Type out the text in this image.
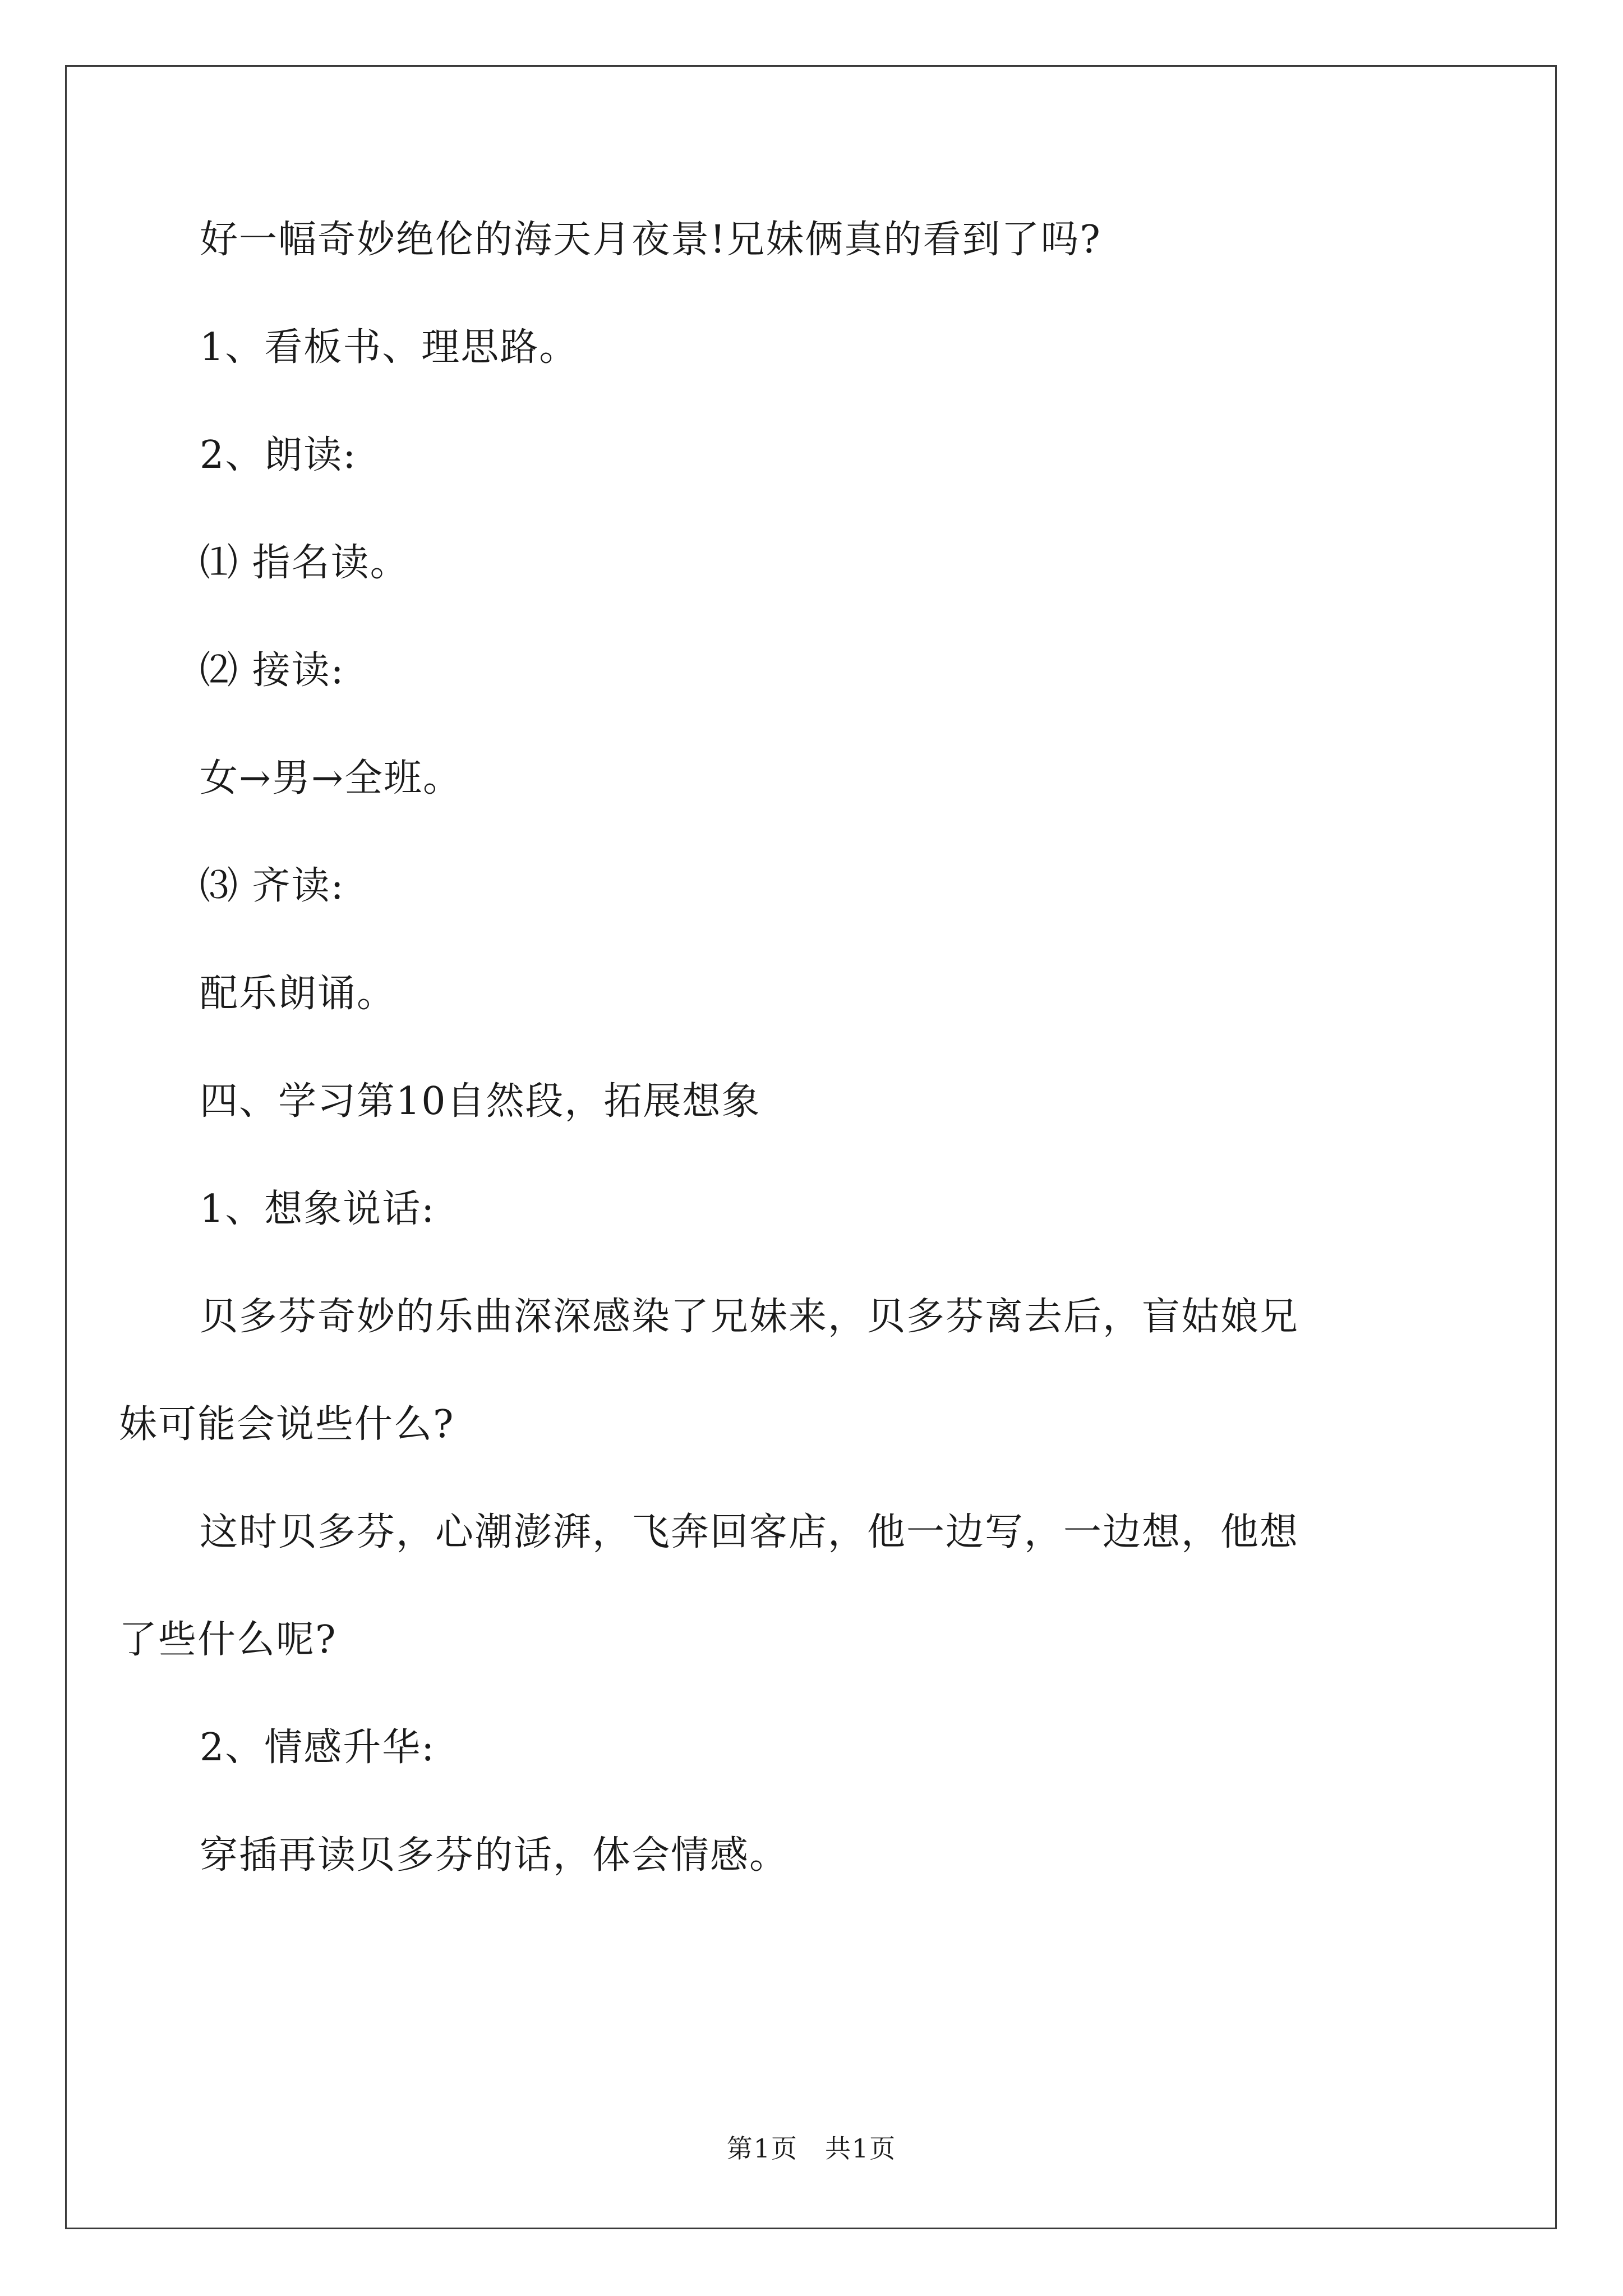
好一幅奇妙绝伦的海天月夜景!兄妹俩真的看到了吗?

1、看板书、理思路。

2、朗读:

⑴ 指名读。

⑵ 接读:

女→男→全班。

⑶ 齐读:

配乐朗诵。

四、学习第10自然段，拓展想象

1、想象说话:

贝多芬奇妙的乐曲深深感染了兄妹来，贝多芬离去后，盲姑娘兄
妹可能会说些什么?

这时贝多芬，心潮澎湃，飞奔回客店，他一边写，一边想，他想
了些什么呢?

2、情感升华:

穿插再读贝多芬的话，体会情感。

第1页　共1页
